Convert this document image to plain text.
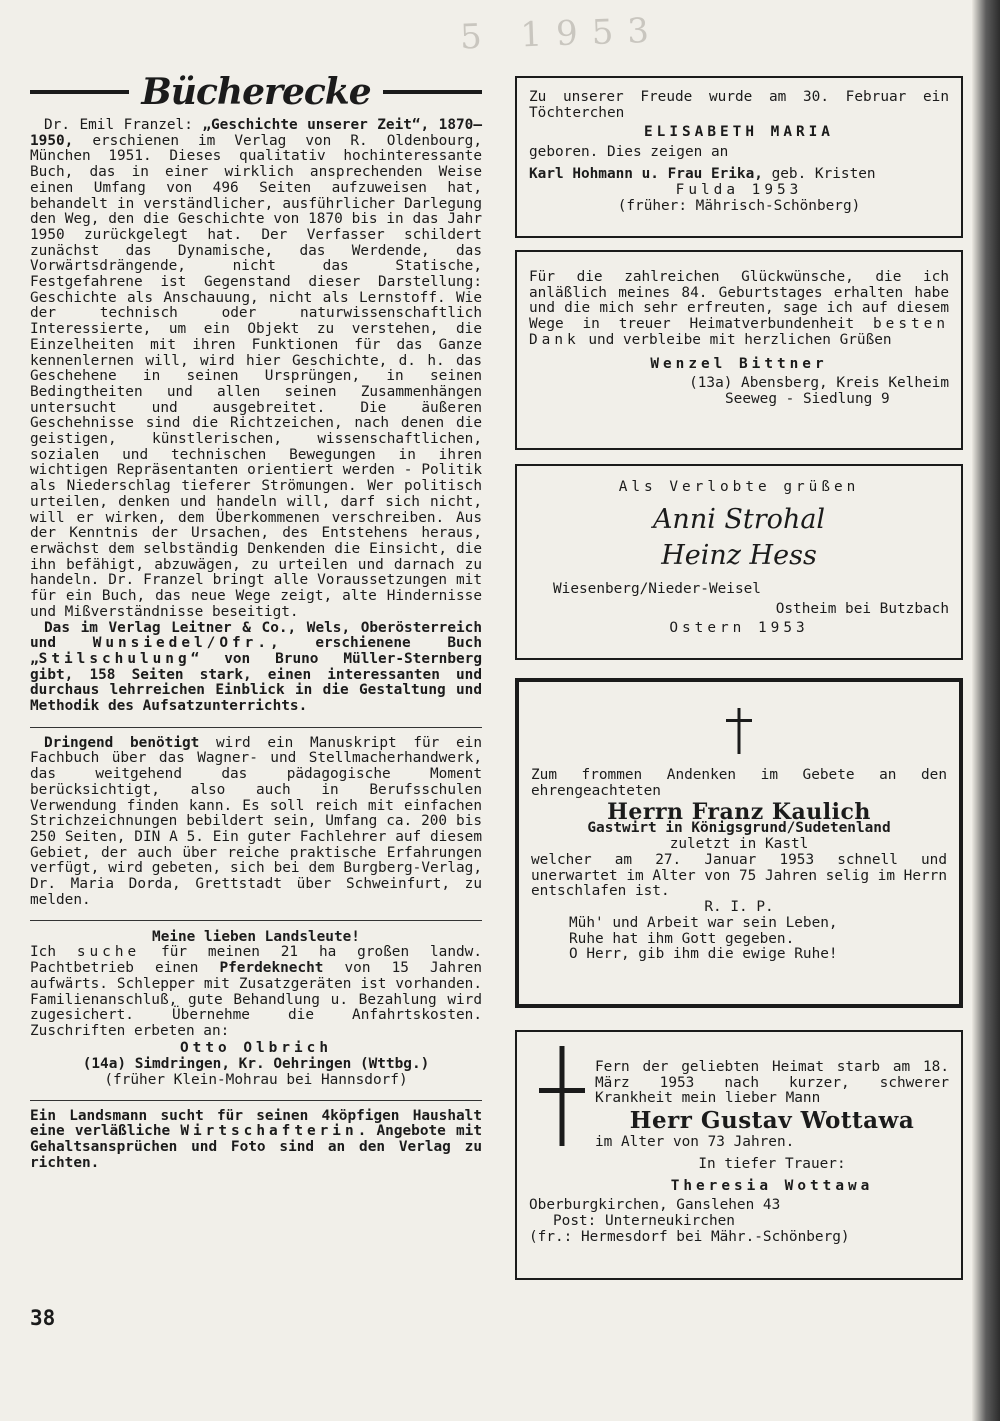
5 1953
Bücherecke

Dr. Emil Franzel: „Geschichte unserer Zeit“, 1870—1950, erschienen im Verlag von R. Oldenbourg, München 1951. Dieses qualitativ hochinteressante Buch, das in einer wirklich ansprechenden Weise einen Umfang von 496 Seiten aufzuweisen hat, behandelt in verständlicher, ausführlicher Darlegung den Weg, den die Geschichte von 1870 bis in das Jahr 1950 zurückgelegt hat. Der Verfasser schildert zunächst das Dynamische, das Werdende, das Vorwärtsdrängende, nicht das Statische, Festgefahrene ist Gegenstand dieser Darstellung: Geschichte als Anschauung, nicht als Lernstoff. Wie der technisch oder naturwissenschaftlich Interessierte, um ein Objekt zu verstehen, die Einzelheiten mit ihren Funktionen für das Ganze kennenlernen will, wird hier Geschichte, d. h. das Geschehene in seinen Ursprüngen, in seinen Bedingtheiten und allen seinen Zusammenhängen untersucht und ausgebreitet. Die äußeren Geschehnisse sind die Richtzeichen, nach denen die geistigen, künstlerischen, wissenschaftlichen, sozialen und technischen Bewegungen in ihren wichtigen Repräsentanten orientiert werden - Politik als Niederschlag tieferer Strömungen. Wer politisch urteilen, denken und handeln will, darf sich nicht, will er wirken, dem Überkommenen verschreiben. Aus der Kenntnis der Ursachen, des Entstehens heraus, erwächst dem selbständig Denkenden die Einsicht, die ihn befähigt, abzuwägen, zu urteilen und darnach zu handeln. Dr. Franzel bringt alle Voraussetzungen mit für ein Buch, das neue Wege zeigt, alte Hindernisse und Mißverständnisse beseitigt.

Das im Verlag Leitner & Co., Wels, Oberösterreich und Wunsiedel/Ofr., erschienene Buch „Stilschulung“ von Bruno Müller-Sternberg gibt, 158 Seiten stark, einen interessanten und durchaus lehrreichen Einblick in die Gestaltung und Methodik des Aufsatzunterrichts.

Dringend benötigt wird ein Manuskript für ein Fachbuch über das Wagner- und Stellmacherhandwerk, das weitgehend das pädagogische Moment berücksichtigt, also auch in Berufsschulen Verwendung finden kann. Es soll reich mit einfachen Strichzeichnungen bebildert sein, Umfang ca. 200 bis 250 Seiten, DIN A 5. Ein guter Fachlehrer auf diesem Gebiet, der auch über reiche praktische Erfahrungen verfügt, wird gebeten, sich bei dem Burgberg-Verlag, Dr. Maria Dorda, Grettstadt über Schweinfurt, zu melden.

Meine lieben Landsleute!

Ich suche für meinen 21 ha großen landw. Pachtbetrieb einen Pferdeknecht von 15 Jahren aufwärts. Schlepper mit Zusatzgeräten ist vorhanden. Familienanschluß, gute Behandlung u. Bezahlung wird zugesichert. Übernehme die Anfahrtskosten. Zuschriften erbeten an:

Otto Olbrich
(14a) Simdringen, Kr. Oehringen (Wttbg.)
(früher Klein-Mohrau bei Hannsdorf)

Ein Landsmann sucht für seinen 4köpfigen Haushalt eine verläßliche Wirtschafterin. Angebote mit Gehaltsansprüchen und Foto sind an den Verlag zu richten.

38
Zu unserer Freude wurde am 30. Februar ein Töchterchen
ELISABETH MARIA
geboren. Dies zeigen an
Karl Hohmann u. Frau Erika, geb. Kristen
Fulda 1953
(früher: Mährisch-Schönberg)

Für die zahlreichen Glückwünsche, die ich anläßlich meines 84. Geburtstages erhalten habe und die mich sehr erfreuten, sage ich auf diesem Wege in treuer Heimatverbundenheit besten Dank und verbleibe mit herzlichen Grüßen

Wenzel Bittner
(13a) Abensberg, Kreis Kelheim
Seeweg - Siedlung 9
Als Verlobte grüßen
Anni Strohal
Heinz Hess
Wiesenberg/Nieder-Weisel
Ostheim bei Butzbach
Ostern 1953
Zum frommen Andenken im Gebete an den ehrengeachteten
Herrn Franz Kaulich
Gastwirt in Königsgrund/Sudetenland
zuletzt in Kastl
welcher am 27. Januar 1953 schnell und unerwartet im Alter von 75 Jahren selig im Herrn entschlafen ist.
R. I. P.
Müh' und Arbeit war sein Leben,
Ruhe hat ihm Gott gegeben.
O Herr, gib ihm die ewige Ruhe!
Fern der geliebten Heimat starb am 18. März 1953 nach kurzer, schwerer Krankheit mein lieber Mann
Herr Gustav Wottawa
im Alter von 73 Jahren.
In tiefer Trauer:
Theresia Wottawa
Oberburgkirchen, Ganslehen 43
Post: Unterneukirchen
(fr.: Hermesdorf bei Mähr.-Schönberg)
